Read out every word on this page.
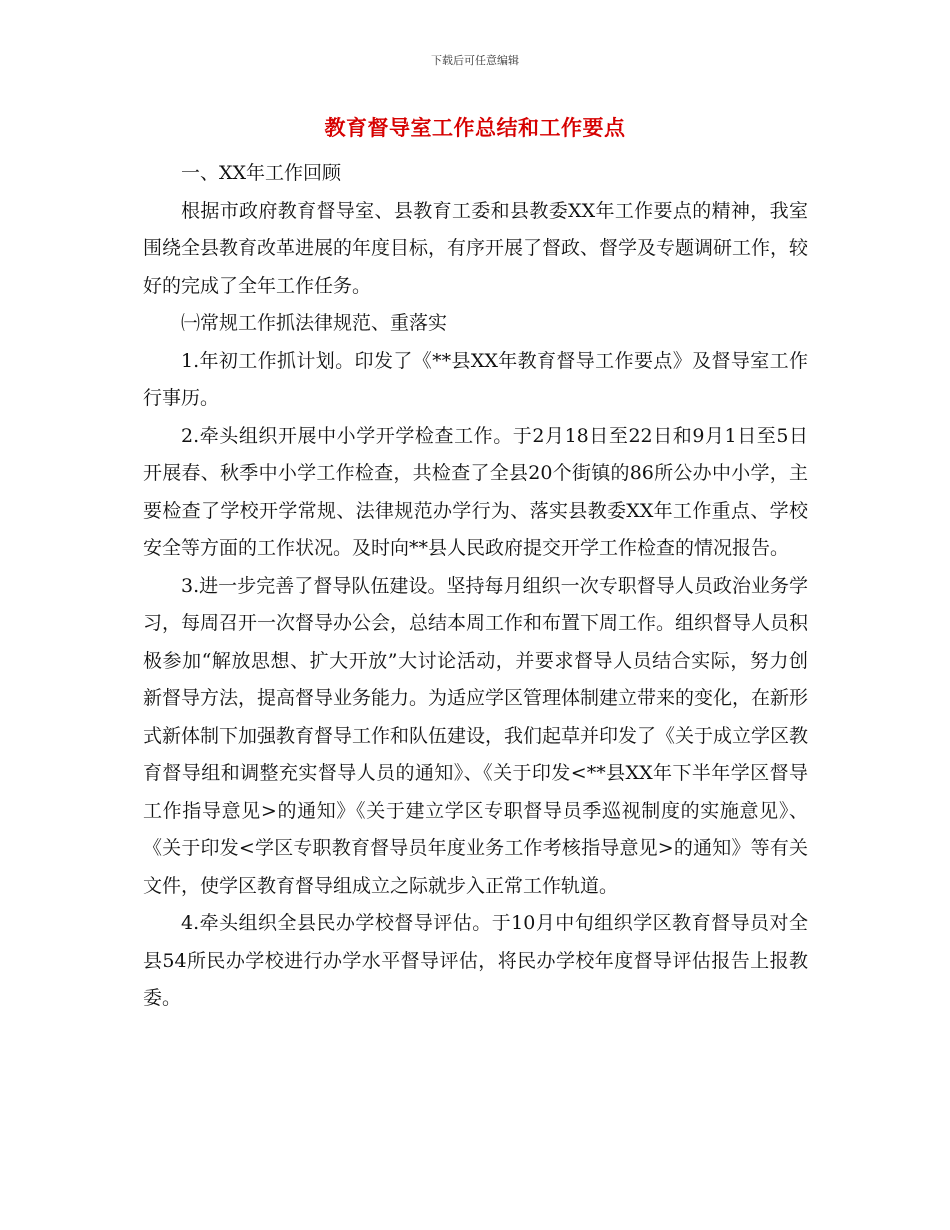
下载后可任意编辑
教育督导室工作总结和工作要点

一、XX年工作回顾

根据市政府教育督导室、县教育工委和县教委XX年工作要点的精神，我室围绕全县教育改革进展的年度目标，有序开展了督政、督学及专题调研工作，较好的完成了全年工作任务。

㈠常规工作抓法律规范、重落实

1.年初工作抓计划。印发了《**县XX年教育督导工作要点》及督导室工作行事历。

2.牵头组织开展中小学开学检查工作。于2月18日至22日和9月1日至5日开展春、秋季中小学工作检查，共检查了全县20个街镇的86所公办中小学，主要检查了学校开学常规、法律规范办学行为、落实县教委XX年工作重点、学校安全等方面的工作状况。及时向**县人民政府提交开学工作检查的情况报告。

3.进一步完善了督导队伍建设。坚持每月组织一次专职督导人员政治业务学习，每周召开一次督导办公会，总结本周工作和布置下周工作。组织督导人员积极参加“解放思想、扩大开放”大讨论活动，并要求督导人员结合实际，努力创新督导方法，提高督导业务能力。为适应学区管理体制建立带来的变化，在新形式新体制下加强教育督导工作和队伍建设，我们起草并印发了《关于成立学区教育督导组和调整充实督导人员的通知》、《关于印发<**县XX年下半年学区督导工作指导意见>的通知》《关于建立学区专职督导员季巡视制度的实施意见》、《关于印发<学区专职教育督导员年度业务工作考核指导意见>的通知》等有关文件，使学区教育督导组成立之际就步入正常工作轨道。

4.牵头组织全县民办学校督导评估。于10月中旬组织学区教育督导员对全县54所民办学校进行办学水平督导评估，将民办学校年度督导评估报告上报教委。
